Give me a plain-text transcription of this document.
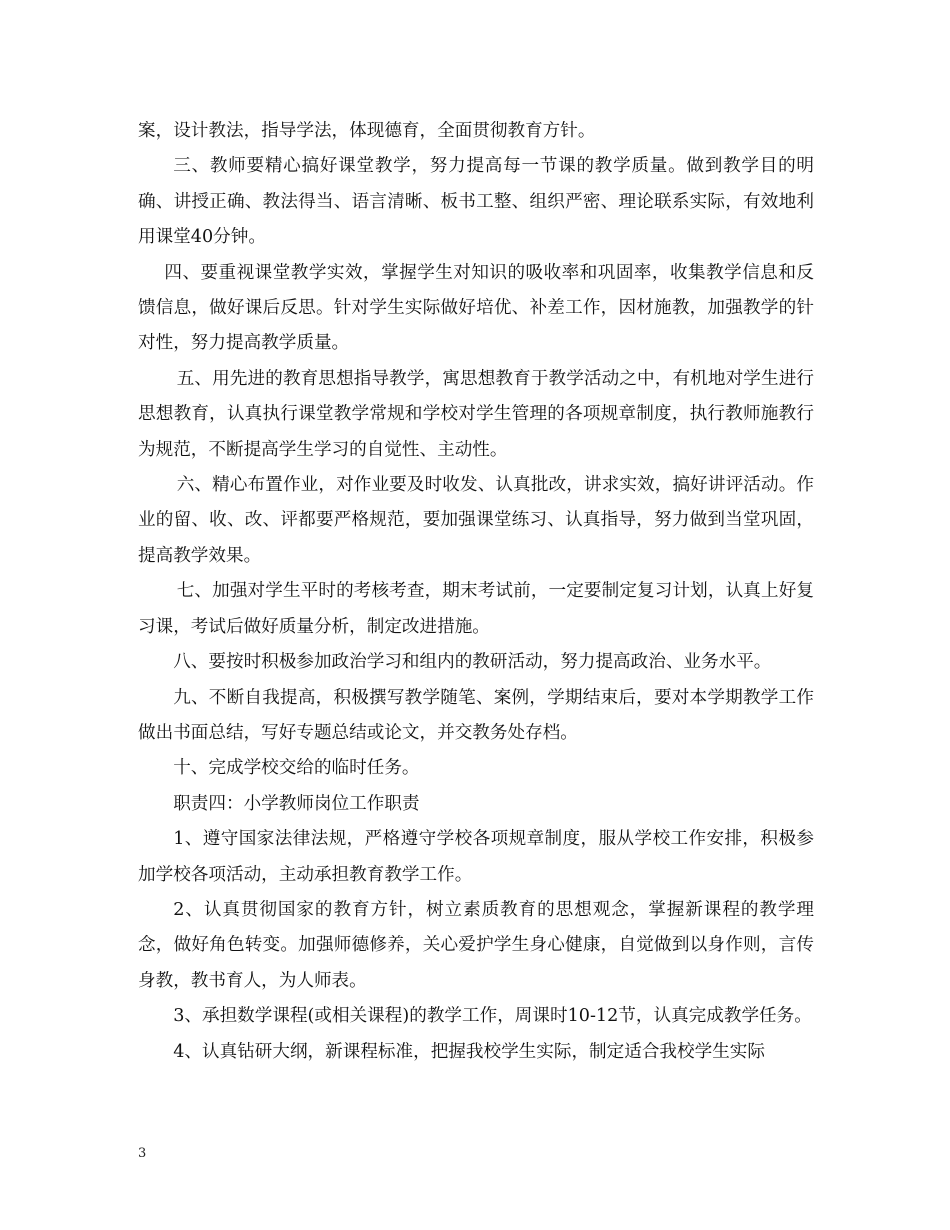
案，设计教法，指导学法，体现德育，全面贯彻教育方针。

三、教师要精心搞好课堂教学，努力提高每一节课的教学质量。做到教学目的明确、讲授正确、教法得当、语言清晰、板书工整、组织严密、理论联系实际，有效地利用课堂40分钟。

四、要重视课堂教学实效，掌握学生对知识的吸收率和巩固率，收集教学信息和反馈信息，做好课后反思。针对学生实际做好培优、补差工作，因材施教，加强教学的针对性，努力提高教学质量。

五、用先进的教育思想指导教学，寓思想教育于教学活动之中，有机地对学生进行思想教育，认真执行课堂教学常规和学校对学生管理的各项规章制度，执行教师施教行为规范，不断提高学生学习的自觉性、主动性。

六、精心布置作业，对作业要及时收发、认真批改，讲求实效，搞好讲评活动。作业的留、收、改、评都要严格规范，要加强课堂练习、认真指导，努力做到当堂巩固，提高教学效果。

七、加强对学生平时的考核考查，期末考试前，一定要制定复习计划，认真上好复习课，考试后做好质量分析，制定改进措施。

八、要按时积极参加政治学习和组内的教研活动，努力提高政治、业务水平。

九、不断自我提高，积极撰写教学随笔、案例，学期结束后，要对本学期教学工作做出书面总结，写好专题总结或论文，并交教务处存档。

十、完成学校交给的临时任务。

职责四：小学教师岗位工作职责

1、遵守国家法律法规，严格遵守学校各项规章制度，服从学校工作安排，积极参加学校各项活动，主动承担教育教学工作。

2、认真贯彻国家的教育方针，树立素质教育的思想观念，掌握新课程的教学理念，做好角色转变。加强师德修养，关心爱护学生身心健康，自觉做到以身作则，言传身教，教书育人，为人师表。

3、承担数学课程(或相关课程)的教学工作，周课时10-12节，认真完成教学任务。

4、认真钻研大纲，新课程标准，把握我校学生实际，制定适合我校学生实际

3
